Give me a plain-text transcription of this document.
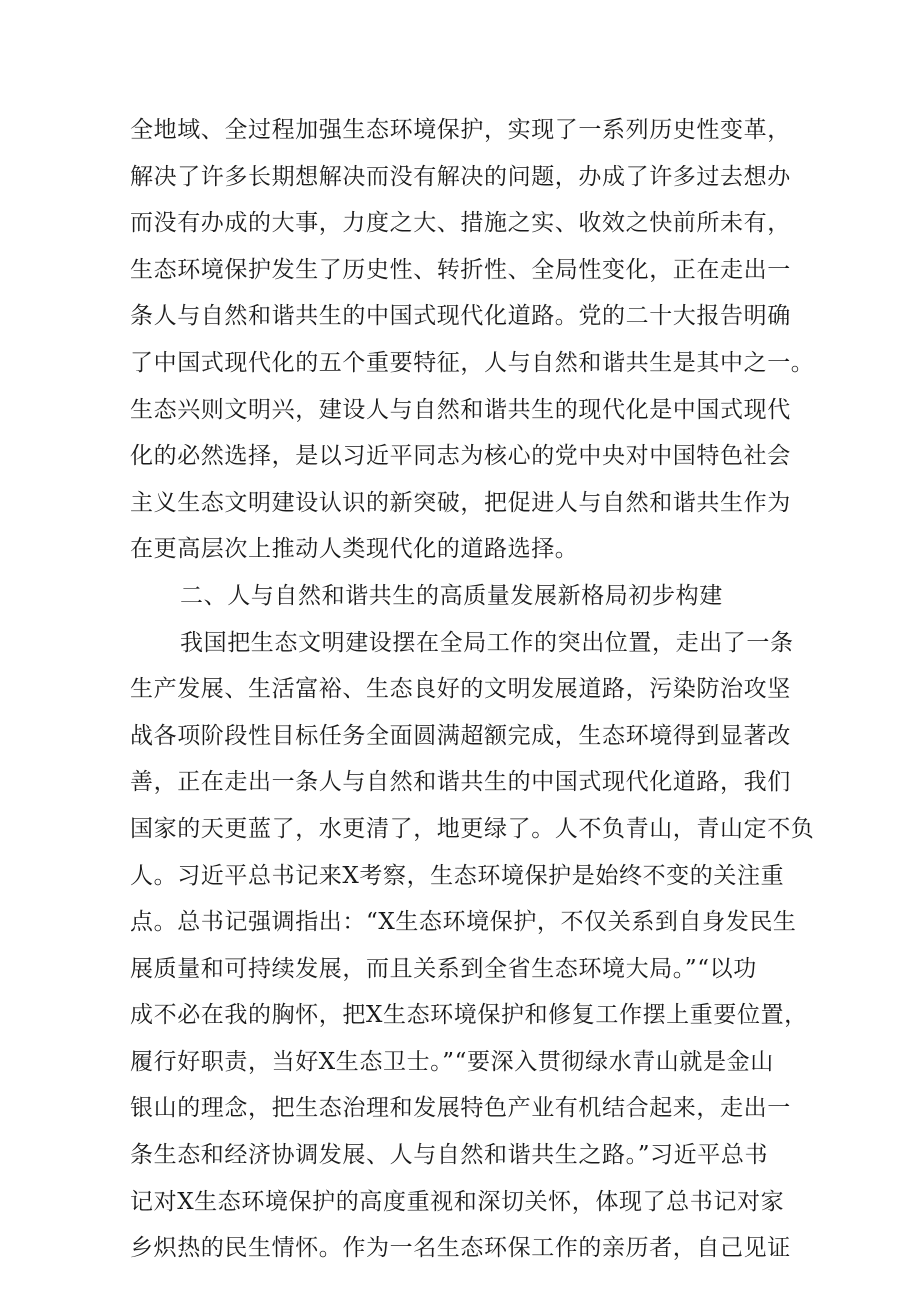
全地域、全过程加强生态环境保护，实现了一系列历史性变革，
解决了许多长期想解决而没有解决的问题，办成了许多过去想办
而没有办成的大事，力度之大、措施之实、收效之快前所未有，
生态环境保护发生了历史性、转折性、全局性变化，正在走出一
条人与自然和谐共生的中国式现代化道路。党的二十大报告明确
了中国式现代化的五个重要特征，人与自然和谐共生是其中之一。
生态兴则文明兴，建设人与自然和谐共生的现代化是中国式现代
化的必然选择，是以习近平同志为核心的党中央对中国特色社会
主义生态文明建设认识的新突破，把促进人与自然和谐共生作为
在更高层次上推动人类现代化的道路选择。
二、人与自然和谐共生的高质量发展新格局初步构建
我国把生态文明建设摆在全局工作的突出位置，走出了一条
生产发展、生活富裕、生态良好的文明发展道路，污染防治攻坚
战各项阶段性目标任务全面圆满超额完成，生态环境得到显著改
善，正在走出一条人与自然和谐共生的中国式现代化道路，我们
国家的天更蓝了，水更清了，地更绿了。人不负青山，青山定不负
人。习近平总书记来X考察，生态环境保护是始终不变的关注重
点。总书记强调指出：“X生态环境保护，不仅关系到自身发民生
展质量和可持续发展，而且关系到全省生态环境大局。”“以功
成不必在我的胸怀，把X生态环境保护和修复工作摆上重要位置，
履行好职责，当好X生态卫士。”“要深入贯彻绿水青山就是金山
银山的理念，把生态治理和发展特色产业有机结合起来，走出一
条生态和经济协调发展、人与自然和谐共生之路。”习近平总书
记对X生态环境保护的高度重视和深切关怀，体现了总书记对家
乡炽热的民生情怀。作为一名生态环保工作的亲历者，自己见证
